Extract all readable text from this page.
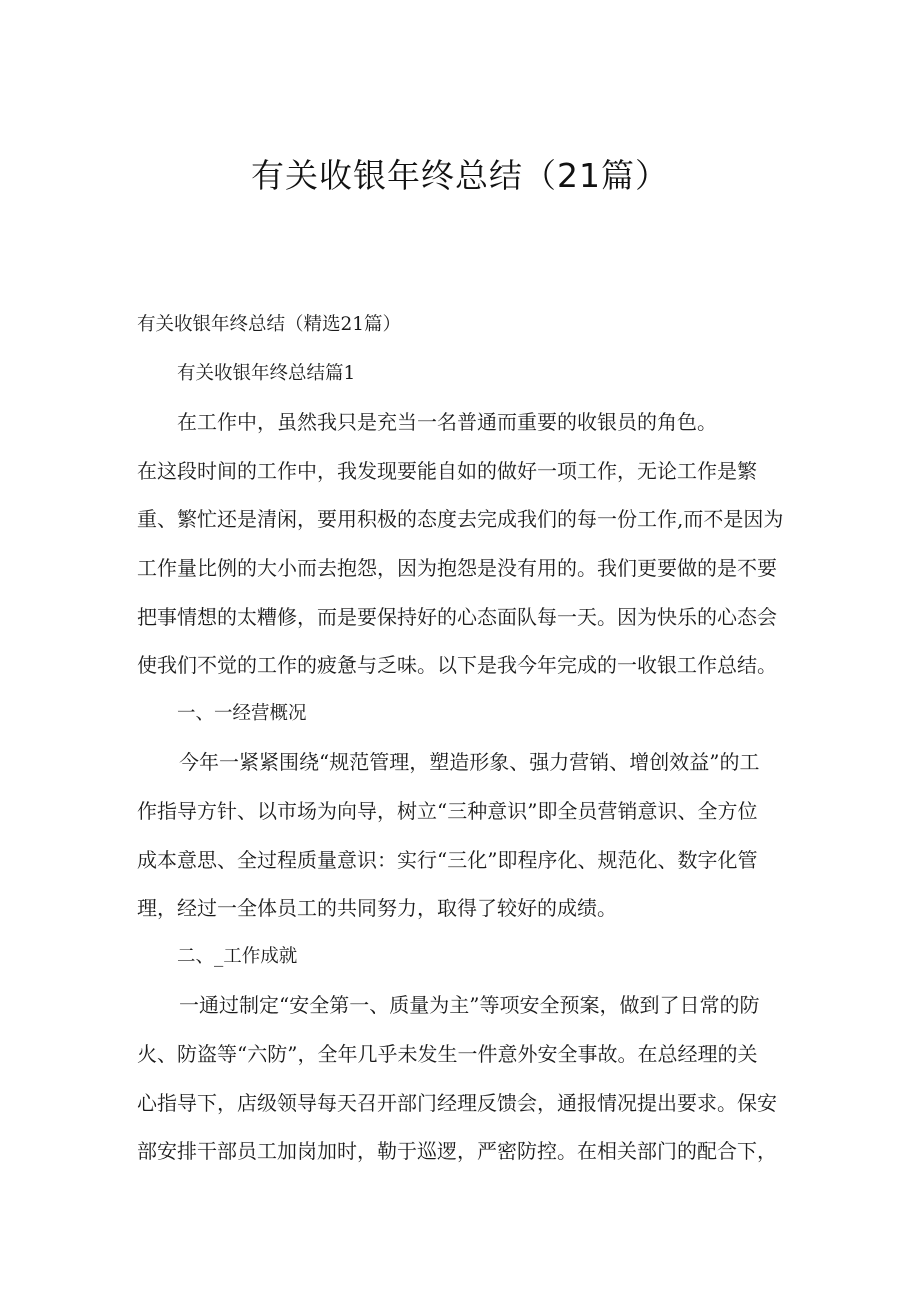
有关收银年终总结（21篇）
有关收银年终总结（精选21篇）
有关收银年终总结篇1
在工作中，虽然我只是充当一名普通而重要的收银员的角色。
在这段时间的工作中，我发现要能自如的做好一项工作，无论工作是繁
重、繁忙还是清闲，要用积极的态度去完成我们的每一份工作,而不是因为
工作量比例的大小而去抱怨，因为抱怨是没有用的。我们更要做的是不要
把事情想的太糟修，而是要保持好的心态面队每一天。因为快乐的心态会
使我们不觉的工作的疲惫与乏味。以下是我今年完成的一收银工作总结。
一、一经营概况
今年一紧紧围绕“规范管理，塑造形象、强力营销、增创效益”的工
作指导方针、以市场为向导，树立“三种意识”即全员营销意识、全方位
成本意思、全过程质量意识：实行“三化”即程序化、规范化、数字化管
理，经过一全体员工的共同努力，取得了较好的成绩。
二、_工作成就
一通过制定“安全第一、质量为主”等项安全预案，做到了日常的防
火、防盗等“六防”，全年几乎未发生一件意外安全事故。在总经理的关
心指导下，店级领导每天召开部门经理反馈会，通报情况提出要求。保安
部安排干部员工加岗加时，勒于巡逻，严密防控。在相关部门的配合下，
